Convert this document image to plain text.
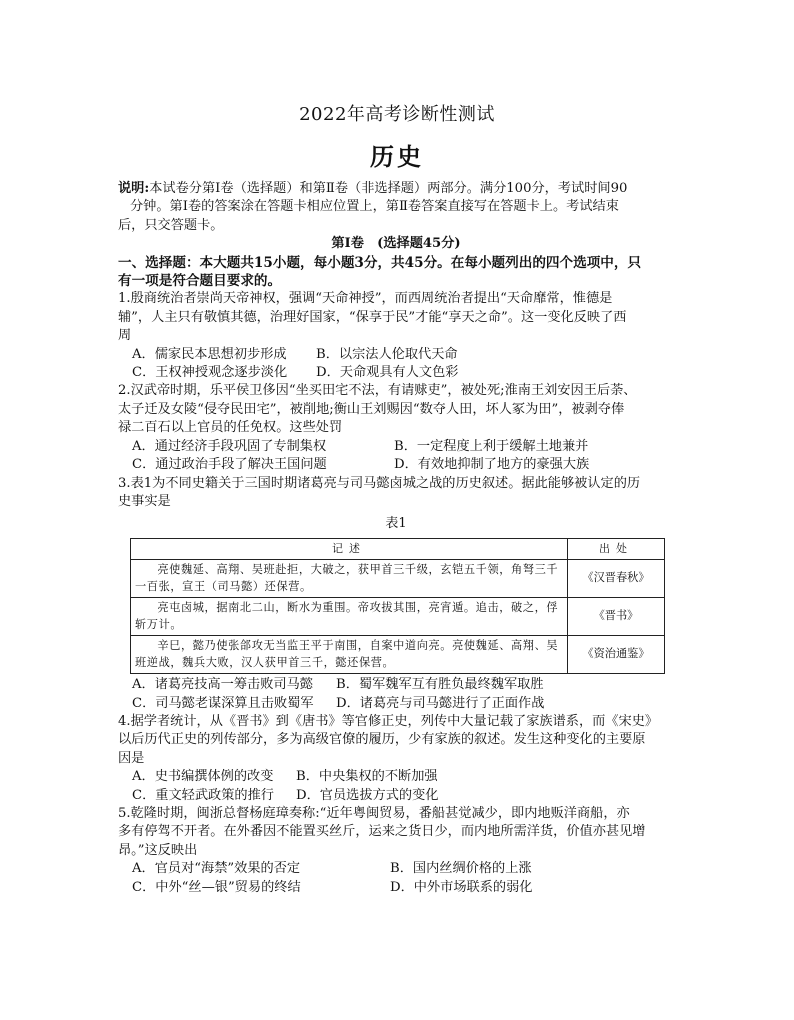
2022年高考诊断性测试
历史

说明:本试卷分第Ⅰ卷（选择题）和第Ⅱ卷（非选择题）两部分。满分100分，考试时间90

分钟。第Ⅰ卷的答案涂在答题卡相应位置上，第Ⅱ卷答案直接写在答题卡上。考试结束

后，只交答题卡。

第Ⅰ卷　(选择题45分)

一、选择题：本大题共15小题，每小题3分，共45分。在每小题列出的四个选项中，只

有一项是符合题目要求的。

1.殷商统治者崇尚天帝神权，强调“天命神授”，而西周统治者提出“天命靡常，惟德是

辅”，人主只有敬慎其德，治理好国家，“保享于民”才能“享天之命”。这一变化反映了西

周

A．儒家民本思想初步形成	B．以宗法人伦取代天命
C．王权神授观念逐步淡化	D．天命观具有人文色彩

2.汉武帝时期，乐平侯卫侈因“坐买田宅不法，有请赇吏”，被处死;淮南王刘安因王后荼、

太子迁及女陵“侵夺民田宅”，被削地;衡山王刘赐因“数夺人田，坏人冢为田”，被剥夺俸

禄二百石以上官员的任免权。这些处罚

A．通过经济手段巩固了专制集权	B．一定程度上利于缓解土地兼并
C．通过政治手段了解决王国问题	D．有效地抑制了地方的豪强大族

3.表1为不同史籍关于三国时期诸葛亮与司马懿卤城之战的历史叙述。据此能够被认定的历

史事实是

表1
记述	出处
亮使魏延、高翔、吴班赴拒，大破之，获甲首三千级，玄铠五千领，角弩三千一百张，宣王（司马懿）还保营。	《汉晋春秋》
亮屯卤城，据南北二山，断水为重围。帝攻拔其围，亮宵遁。追击，破之，俘斩万计。	《晋书》
辛巳，懿乃使张郃攻无当监王平于南围，自案中道向亮。亮使魏延、高翔、吴班逆战，魏兵大败，汉人获甲首三千，懿还保营。	《资治通鉴》
A．诸葛亮技高一筹击败司马懿	B．蜀军魏军互有胜负最终魏军取胜
C．司马懿老谋深算且击败蜀军	D．诸葛亮与司马懿进行了正面作战

4.据学者统计，从《晋书》到《唐书》等官修正史，列传中大量记载了家族谱系，而《宋史》

以后历代正史的列传部分，多为高级官僚的履历，少有家族的叙述。发生这种变化的主要原

因是

A．史书编撰体例的改变	B．中央集权的不断加强
C．重文轻武政策的推行	D．官员选拔方式的变化

5.乾隆时期，闽浙总督杨庭璋奏称:“近年粤闽贸易，番船甚觉减少，即内地贩洋商船，亦

多有停驾不开者。在外番因不能置买丝斤，运来之货日少，而内地所需洋货，价值亦甚见增

昂。”这反映出

A．官员对“海禁”效果的否定	B．国内丝绸价格的上涨
C．中外“丝—银”贸易的终结	D．中外市场联系的弱化
